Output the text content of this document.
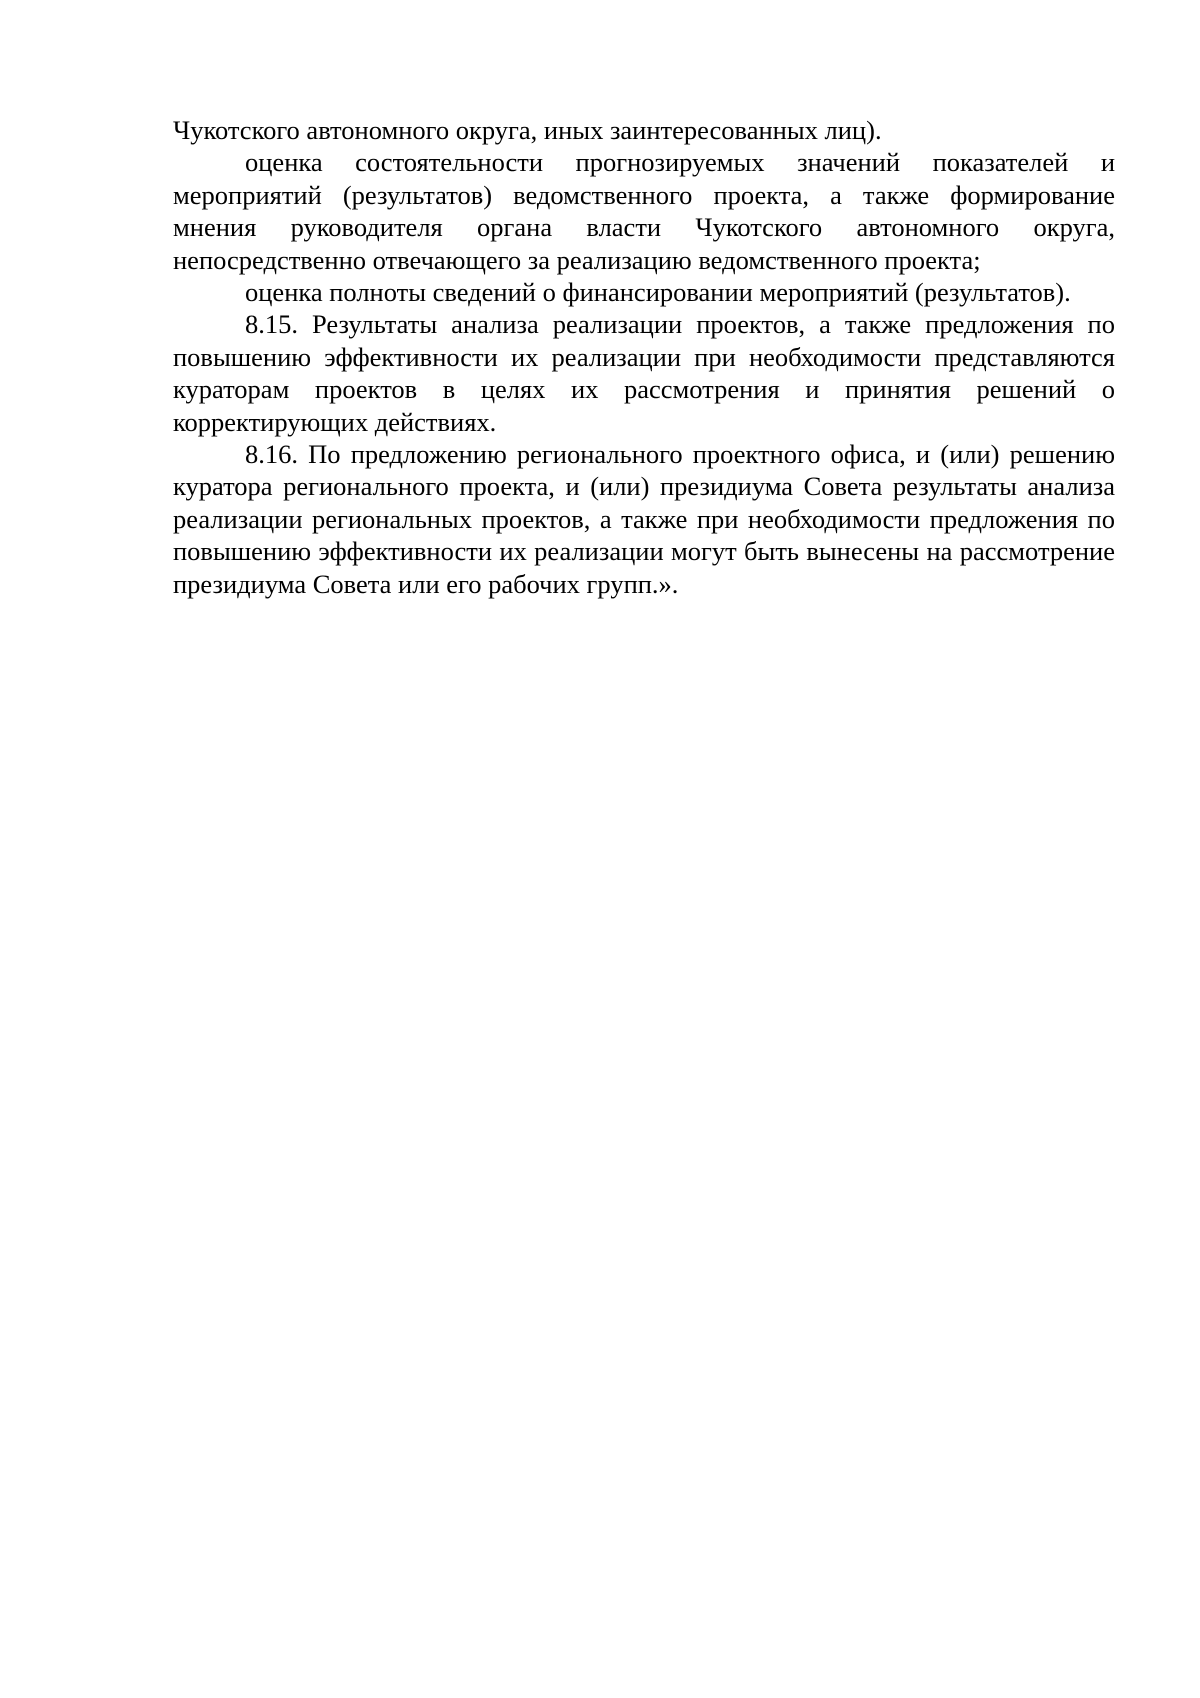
Чукотского автономного округа, иных заинтересованных лиц).

оценка состоятельности прогнозируемых значений показателей и мероприятий (результатов) ведомственного проекта, а также формирование мнения руководителя органа власти Чукотского автономного округа, непосредственно отвечающего за реализацию ведомственного проекта;

оценка полноты сведений о финансировании мероприятий (результатов).

8.15. Результаты анализа реализации проектов, а также предложения по повышению эффективности их реализации при необходимости представляются кураторам проектов в целях их рассмотрения и принятия решений о корректирующих действиях.

8.16. По предложению регионального проектного офиса, и (или) решению куратора регионального проекта, и (или) президиума Совета результаты анализа реализации региональных проектов, а также при необходимости предложения по повышению эффективности их реализации могут быть вынесены на рассмотрение президиума Совета или его рабочих групп.».
